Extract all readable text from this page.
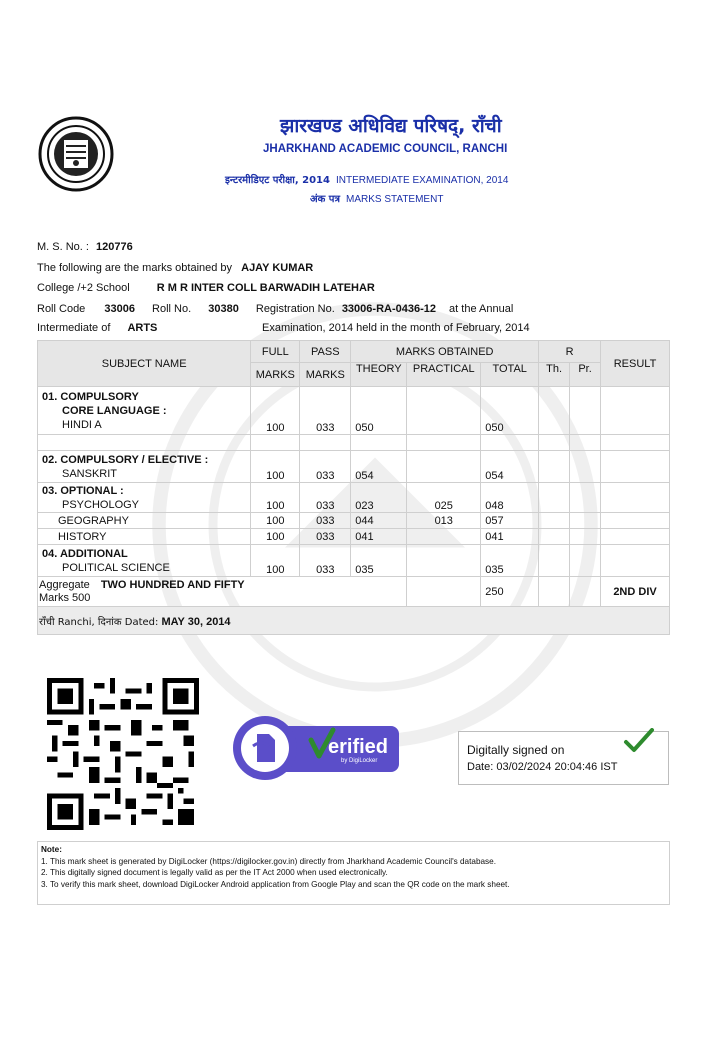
झारखण्ड अधिविद्य परिषद्, राँची
JHARKHAND ACADEMIC COUNCIL, RANCHI
इन्टरमीडिएट परीक्षा, 2014 INTERMEDIATE EXAMINATION, 2014
अंक पत्र MARKS STATEMENT
M. S. No. : 120776
The following are the marks obtained by AJAY KUMAR
College /+2 School R M R INTER COLL BARWADIH LATEHAR
Roll Code 33006 Roll No. 30380 Registration No. 33006-RA-0436-12 at the Annual
Intermediate of ARTS	Examination, 2014 held in the month of February, 2014
SUBJECT NAME	FULL	PASS	MARKS OBTAINED			R		RESULT
	MARKS	MARKS	THEORY	PRACTICAL	TOTAL	Th.	Pr.	

01. COMPULSORY
CORE LANGUAGE :
HINDI A	100	033	050		050			

02. COMPULSORY / ELECTIVE :
SANSKRIT	100	033	054		054			

03. OPTIONAL :
PSYCHOLOGY	100	033	023	025	048			
GEOGRAPHY	100	033	044	013	057			
HISTORY	100	033	041		041			

04. ADDITIONAL
POLITICAL SCIENCE	100	033	035		035			

Aggregate TWO HUNDRED AND FIFTY
Marks 500					250			2ND DIV
राँची Ranchi, दिनांक Dated: MAY 30, 2014								
erified
by DigiLocker
Digitally signed on
Date: 03/02/2024 20:04:46 IST
Note:
1. This mark sheet is generated by DigiLocker (https://digilocker.gov.in) directly from Jharkhand Academic Council's database.
2. This digitally signed document is legally valid as per the IT Act 2000 when used electronically.
3. To verify this mark sheet, download DigiLocker Android application from Google Play and scan the QR code on the mark sheet.
